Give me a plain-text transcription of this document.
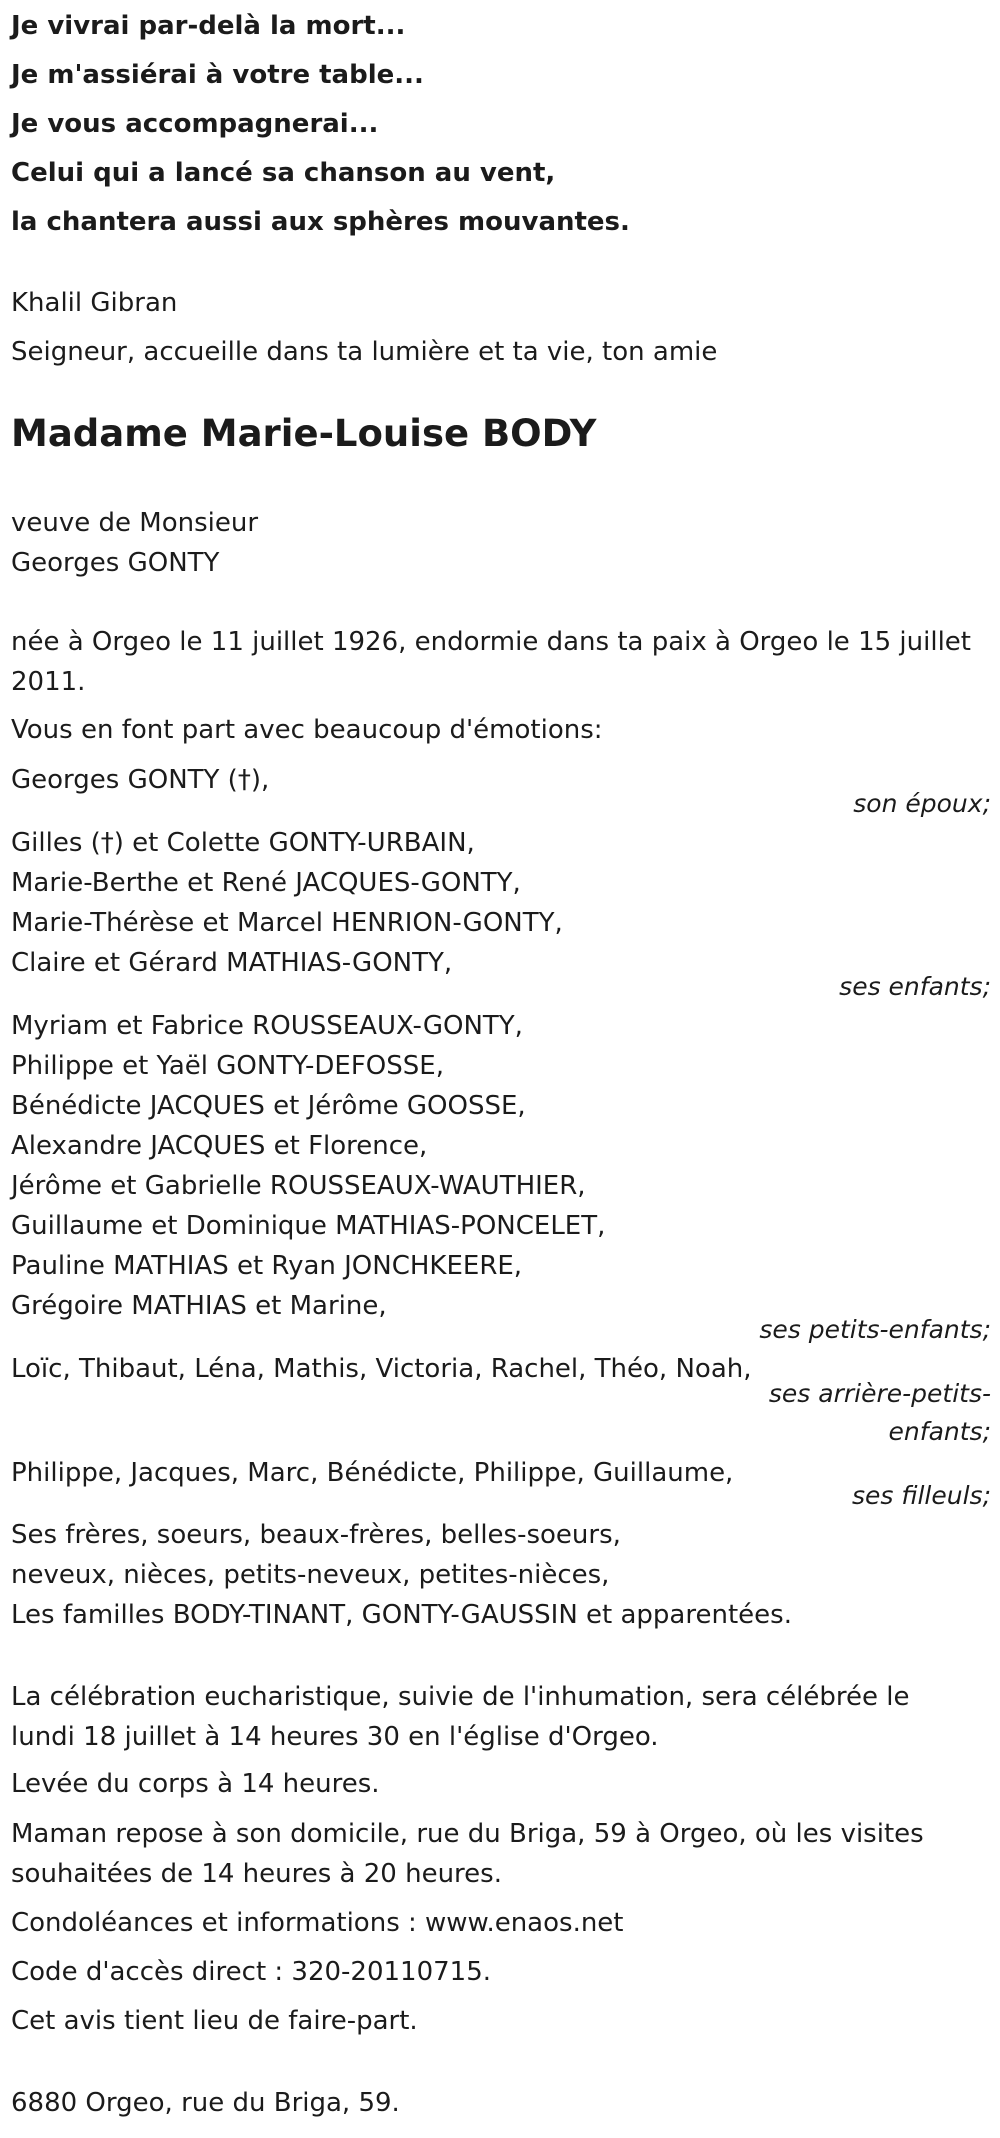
Je vivrai par-delà la mort...
Je m'assiérai à votre table...
Je vous accompagnerai...
Celui qui a lancé sa chanson au vent,
la chantera aussi aux sphères mouvantes.
Khalil Gibran
Seigneur, accueille dans ta lumière et ta vie, ton amie
Madame Marie-Louise BODY
veuve de Monsieur
Georges GONTY
née à Orgeo le 11 juillet 1926, endormie dans ta paix à Orgeo le 15 juillet
2011.
Vous en font part avec beaucoup d'émotions:
Georges GONTY (†),
son époux;
Gilles (†) et Colette GONTY-URBAIN,
Marie-Berthe et René JACQUES-GONTY,
Marie-Thérèse et Marcel HENRION-GONTY,
Claire et Gérard MATHIAS-GONTY,
ses enfants;
Myriam et Fabrice ROUSSEAUX-GONTY,
Philippe et Yaël GONTY-DEFOSSE,
Bénédicte JACQUES et Jérôme GOOSSE,
Alexandre JACQUES et Florence,
Jérôme et Gabrielle ROUSSEAUX-WAUTHIER,
Guillaume et Dominique MATHIAS-PONCELET,
Pauline MATHIAS et Ryan JONCHKEERE,
Grégoire MATHIAS et Marine,
ses petits-enfants;
Loïc, Thibaut, Léna, Mathis, Victoria, Rachel, Théo, Noah,
ses arrière-petits-
enfants;
Philippe, Jacques, Marc, Bénédicte, Philippe, Guillaume,
ses filleuls;
Ses frères, soeurs, beaux-frères, belles-soeurs,
neveux, nièces, petits-neveux, petites-nièces,
Les familles BODY-TINANT, GONTY-GAUSSIN et apparentées.
La célébration eucharistique, suivie de l'inhumation, sera célébrée le
lundi 18 juillet à 14 heures 30 en l'église d'Orgeo.
Levée du corps à 14 heures.
Maman repose à son domicile, rue du Briga, 59 à Orgeo, où les visites
souhaitées de 14 heures à 20 heures.
Condoléances et informations : www.enaos.net
Code d'accès direct : 320-20110715.
Cet avis tient lieu de faire-part.
6880 Orgeo, rue du Briga, 59.
